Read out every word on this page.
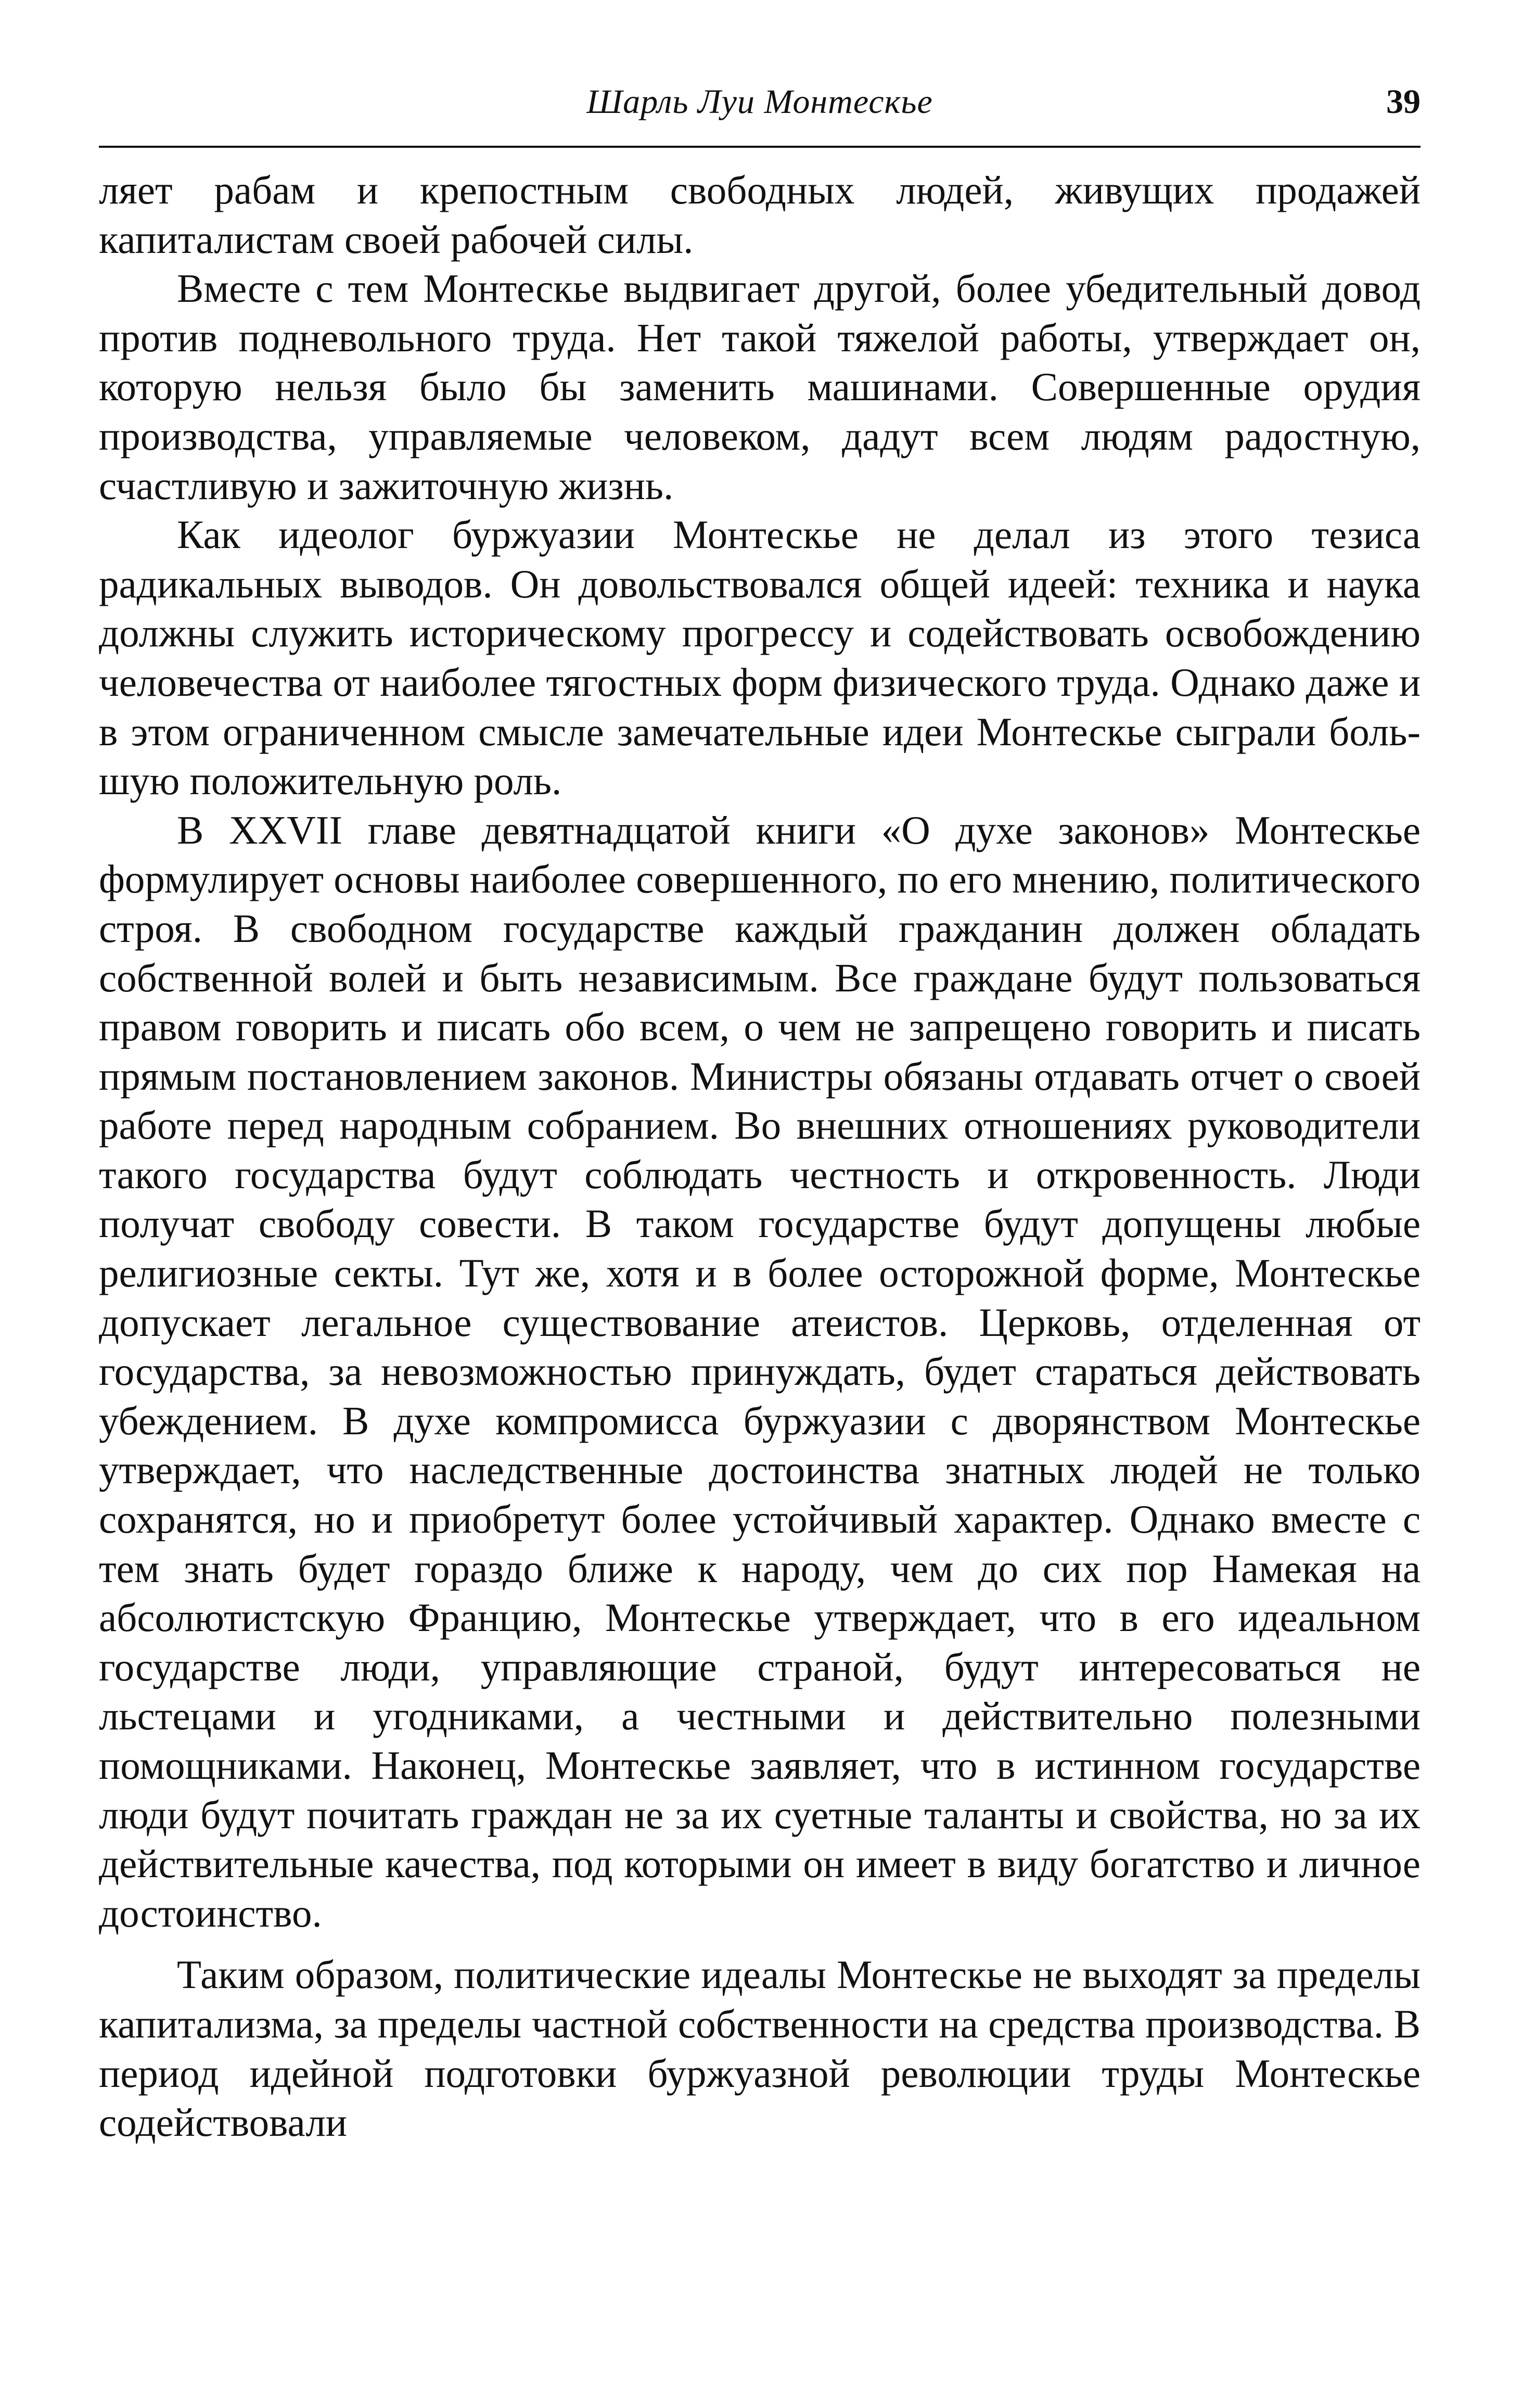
Шарль Луи Монтескье	39

ляет рабам и крепостным свободных людей, живущих продажей капиталистам своей рабочей силы.

Вместе с тем Монтескье выдвигает другой, более убедительный довод против подневольного труда. Нет такой тяжелой работы, утверждает он, которую нельзя было бы заменить машинами. Совершенные орудия производства, управляемые человеком, дадут всем людям радостную, счастливую и зажиточную жизнь.

Как идеолог буржуазии Монтескье не делал из этого тезиса радикальных выводов. Он довольствовался общей идеей: техника и наука должны служить историческому прогрессу и содействовать освобождению человечества от наиболее тягостных форм физического труда. Однако даже и в этом ограниченном смысле замечательные идеи Монтескье сыграли большую положительную роль.

В XXVII главе девятнадцатой книги «О духе законов» Монтескье формулирует основы наиболее совершенного, по его мнению, политического строя. В свободном государстве каждый гражданин должен обладать собственной волей и быть независимым. Все граждане будут пользоваться правом говорить и писать обо всем, о чем не запрещено говорить и писать прямым постановлением законов. Министры обязаны отдавать отчет о своей работе перед народным собранием. Во внешних отношениях руководители такого государства будут соблюдать честность и откровенность. Люди получат свободу совести. В таком государстве будут допущены любые религиозные секты. Тут же, хотя и в более осторожной форме, Монтескье допускает легальное существование атеистов. Церковь, отделенная от государства, за невозможностью принуждать, будет стараться действовать убеждением. В духе компромисса буржуазии с дворянством Монтескье утверждает, что наследственные достоинства знатных людей не только сохранятся, но и приобретут более устойчивый характер. Однако вместе с тем знать будет гораздо ближе к народу, чем до сих пор Намекая на абсолютистскую Францию, Монтескье утверждает, что в его идеальном государстве люди, управляющие страной, будут интересоваться не льстецами и угодниками, а честными и действительно полезными помощниками. Наконец, Монтескье заявляет, что в истинном государстве люди будут почитать граждан не за их суетные таланты и свойства, но за их действительные качества, под которыми он имеет в виду богатство и личное достоинство.

Таким образом, политические идеалы Монтескье не выходят за пределы капитализма, за пределы частной собственности на средства производства. В период идейной подготовки буржуазной революции труды Монтескье содействовали
